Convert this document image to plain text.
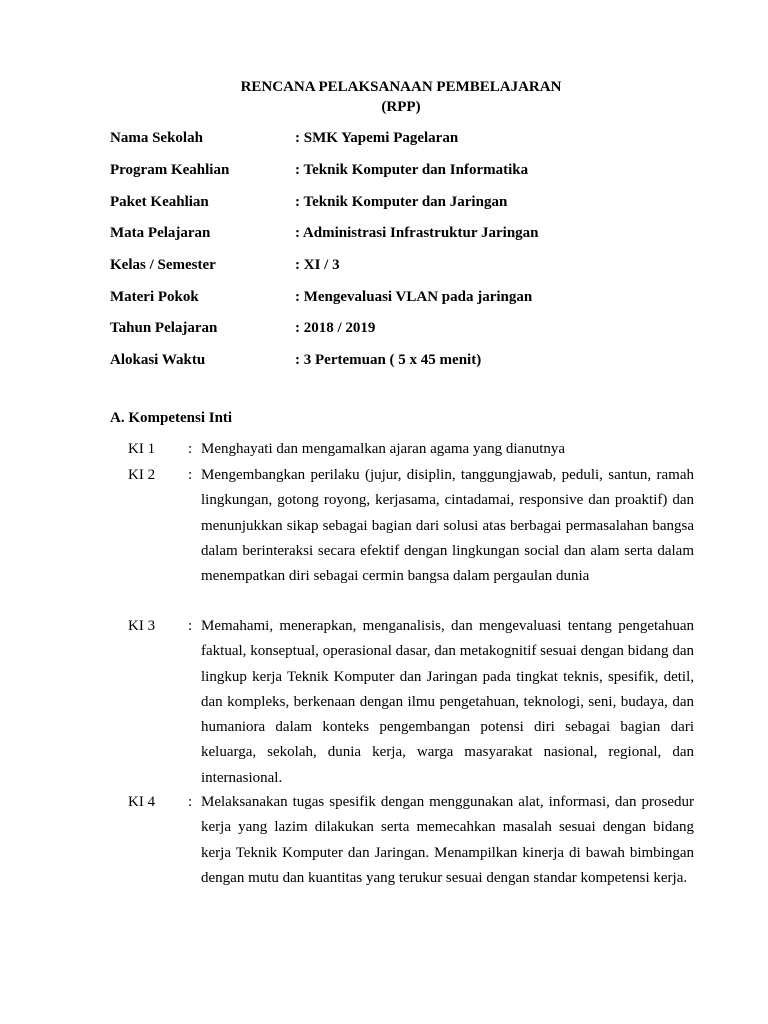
RENCANA PELAKSANAAN PEMBELAJARAN
(RPP)
Nama Sekolah	: SMK Yapemi Pagelaran
Program Keahlian	: Teknik Komputer dan Informatika
Paket Keahlian	: Teknik Komputer dan Jaringan
Mata Pelajaran	: Administrasi Infrastruktur Jaringan
Kelas / Semester	: XI / 3
Materi Pokok	: Mengevaluasi VLAN pada jaringan
Tahun Pelajaran	: 2018 / 2019
Alokasi Waktu	: 3 Pertemuan ( 5 x 45 menit)
A. Kompetensi Inti
KI 1 : Menghayati dan mengamalkan ajaran agama yang dianutnya
KI 2 : Mengembangkan perilaku (jujur, disiplin, tanggungjawab, peduli, santun, ramah lingkungan, gotong royong, kerjasama, cintadamai, responsive dan proaktif) dan menunjukkan sikap sebagai bagian dari solusi atas berbagai permasalahan bangsa dalam berinteraksi secara efektif dengan lingkungan social dan alam serta dalam menempatkan diri sebagai cermin bangsa dalam pergaulan dunia
KI 3 : Memahami, menerapkan, menganalisis, dan mengevaluasi tentang pengetahuan faktual, konseptual, operasional dasar, dan metakognitif sesuai dengan bidang dan lingkup kerja Teknik Komputer dan Jaringan pada tingkat teknis, spesifik, detil, dan kompleks, berkenaan dengan ilmu pengetahuan, teknologi, seni, budaya, dan humaniora dalam konteks pengembangan potensi diri sebagai bagian dari keluarga, sekolah, dunia kerja, warga masyarakat nasional, regional, dan internasional.
KI 4 : Melaksanakan tugas spesifik dengan menggunakan alat, informasi, dan prosedur kerja yang lazim dilakukan serta memecahkan masalah sesuai dengan bidang kerja Teknik Komputer dan Jaringan. Menampilkan kinerja di bawah bimbingan dengan mutu dan kuantitas yang terukur sesuai dengan standar kompetensi kerja.
